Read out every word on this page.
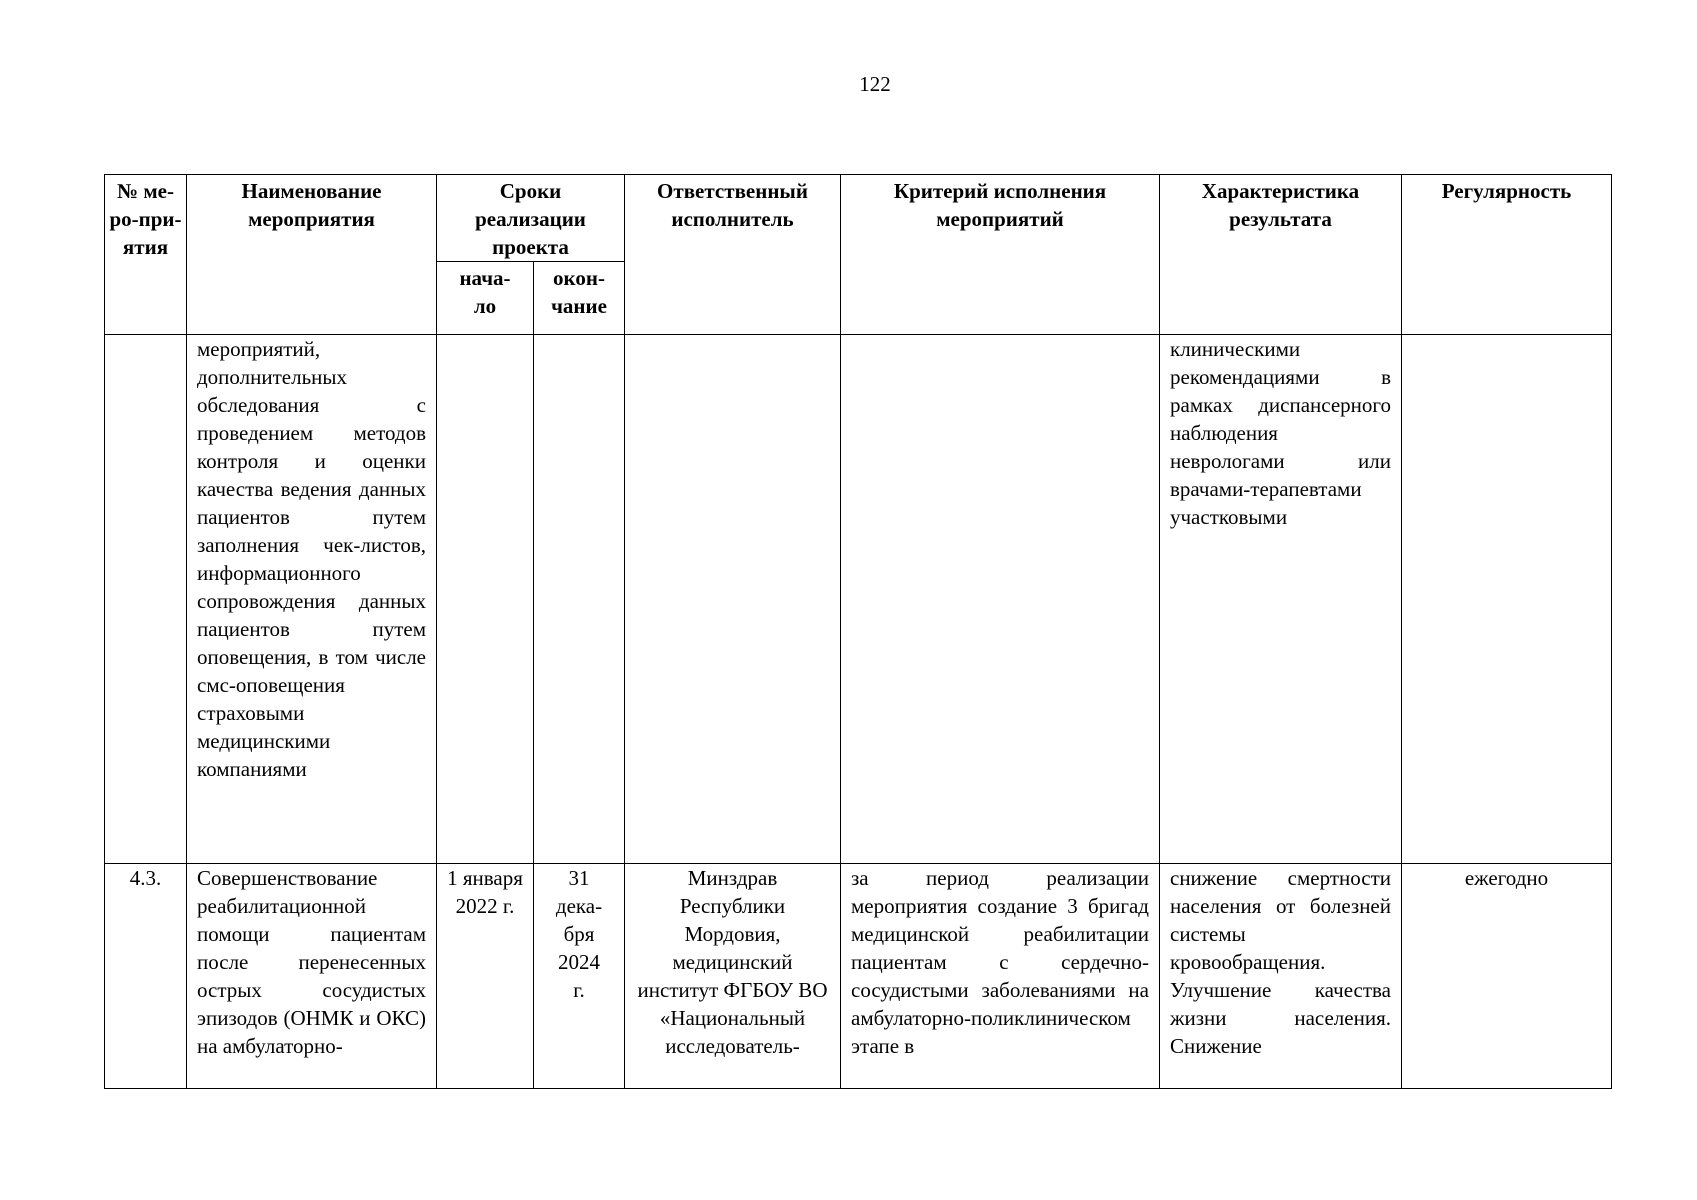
122
№ ме-ро-при-ятия	Наименование мероприятия	Сроки реализации проекта		Ответственный исполнитель	Критерий исполнения мероприятий	Характеристика результата	Регулярность
		нача-ло	окон-чание				
	мероприятий, дополнительных обследования с проведением методов контроля и оценки качества ведения данных пациентов путем заполнения чек-листов, информационного сопровождения данных пациентов путем оповещения, в том числе смс-оповещения страховыми медицинскими компаниями					клиническими рекомендациями в рамках диспансерного наблюдения неврологами или врачами-терапевтами участковыми	
4.3.	Совершенствование реабилитационной помощи пациентам после перенесенных острых сосудистых эпизодов (ОНМК и ОКС) на амбулаторно-	1 января 2022 г.	31 дека-бря 2024 г.	Минздрав Республики Мордовия, медицинский институт ФГБОУ ВО «Национальный исследователь-	за период реализации мероприятия создание 3 бригад медицинской реабилитации пациентам с сердечно-сосудистыми заболеваниями на амбулаторно-поликлиническом этапе в	снижение смертности населения от болезней системы кровообращения. Улучшение качества жизни населения. Снижение	ежегодно
